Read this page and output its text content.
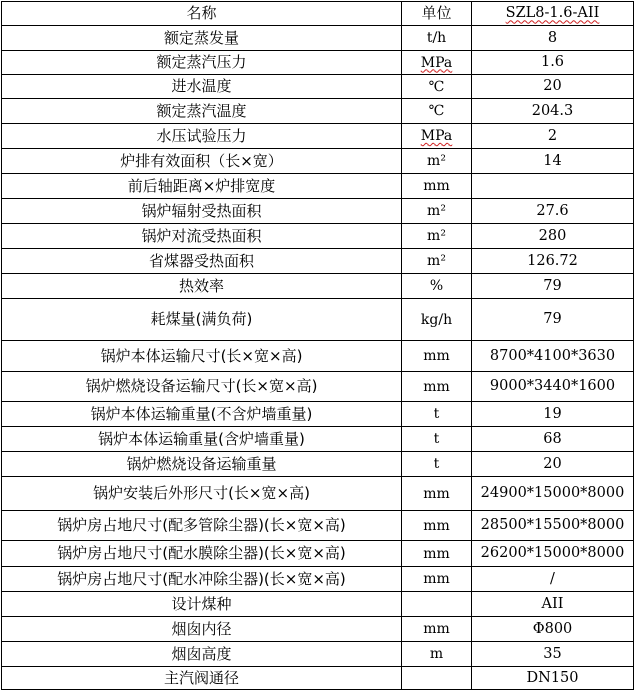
名称	单位	SZL8-1.6-AII
额定蒸发量	t/h	8
额定蒸汽压力	MPa	1.6
进水温度	℃	20
额定蒸汽温度	℃	204.3
水压试验压力	MPa	2
炉排有效面积（长×宽）	m²	14
前后轴距离×炉排宽度	mm	
锅炉辐射受热面积	m²	27.6
锅炉对流受热面积	m²	280
省煤器受热面积	m²	126.72
热效率	%	79
耗煤量(满负荷)	kg/h	79
锅炉本体运输尺寸(长×宽×高)	mm	8700*4100*3630
锅炉燃烧设备运输尺寸(长×宽×高)	mm	9000*3440*1600
锅炉本体运输重量(不含炉墙重量)	t	19
锅炉本体运输重量(含炉墙重量)	t	68
锅炉燃烧设备运输重量	t	20
锅炉安装后外形尺寸(长×宽×高)	mm	24900*15000*8000
锅炉房占地尺寸(配多管除尘器)(长×宽×高)	mm	28500*15500*8000
锅炉房占地尺寸(配水膜除尘器)(长×宽×高)	mm	26200*15000*8000
锅炉房占地尺寸(配水冲除尘器)(长×宽×高)	mm	/
设计煤种		AII
烟囱内径	mm	Φ800
烟囱高度	m	35
主汽阀通径		DN150
